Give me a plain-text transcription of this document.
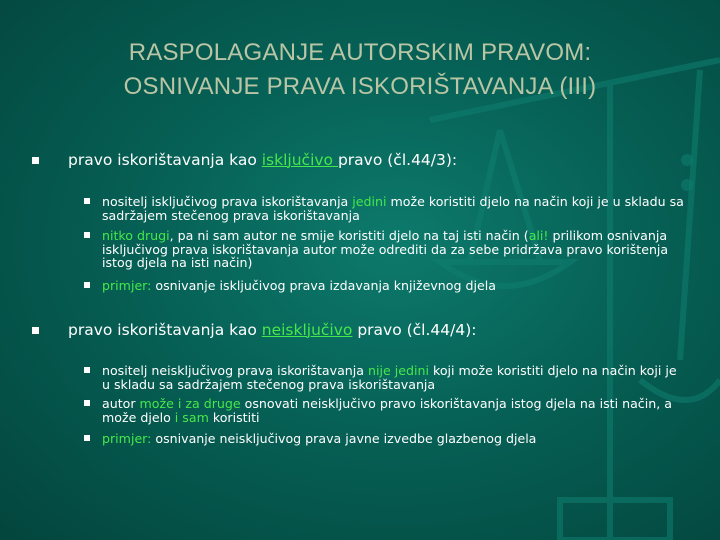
RASPOLAGANJE AUTORSKIM PRAVOM:
OSNIVANJE PRAVA ISKORIŠTAVANJA (III)
pravo iskorištavanja kao isključivo pravo (čl.44/3):
nositelj isključivog prava iskorištavanja jedini može koristiti djelo na način koji je u skladu sa sadržajem stečenog prava iskorištavanja
nitko drugi, pa ni sam autor ne smije koristiti djelo na taj isti način (ali! prilikom osnivanja isključivog prava iskorištavanja autor može odrediti da za sebe pridržava pravo korištenja istog djela na isti način)
primjer: osnivanje isključivog prava izdavanja književnog djela
pravo iskorištavanja kao neisključivo pravo (čl.44/4):
nositelj neisključivog prava iskorištavanja nije jedini koji može koristiti djelo na način koji je u skladu sa sadržajem stečenog prava iskorištavanja
autor može i za druge osnovati neisključivo pravo iskorištavanja istog djela na isti način, a može djelo i sam koristiti
primjer: osnivanje neisključivog prava javne izvedbe glazbenog djela
